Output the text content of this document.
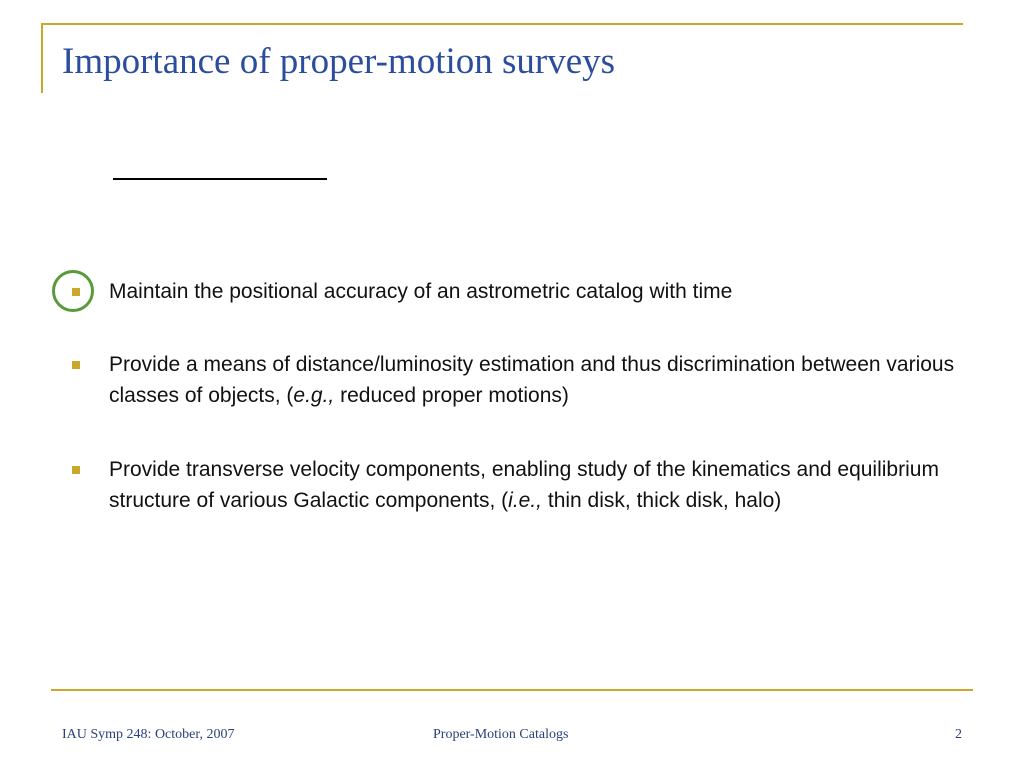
Importance of proper-motion surveys
Maintain the positional accuracy of an astrometric catalog with time
Provide a means of distance/luminosity estimation and thus discrimination between various classes of objects, (e.g., reduced proper motions)
Provide transverse velocity components, enabling study of the kinematics and equilibrium structure of various Galactic components, (i.e., thin disk, thick disk, halo)
IAU Symp 248: October, 2007	Proper-Motion Catalogs	2
